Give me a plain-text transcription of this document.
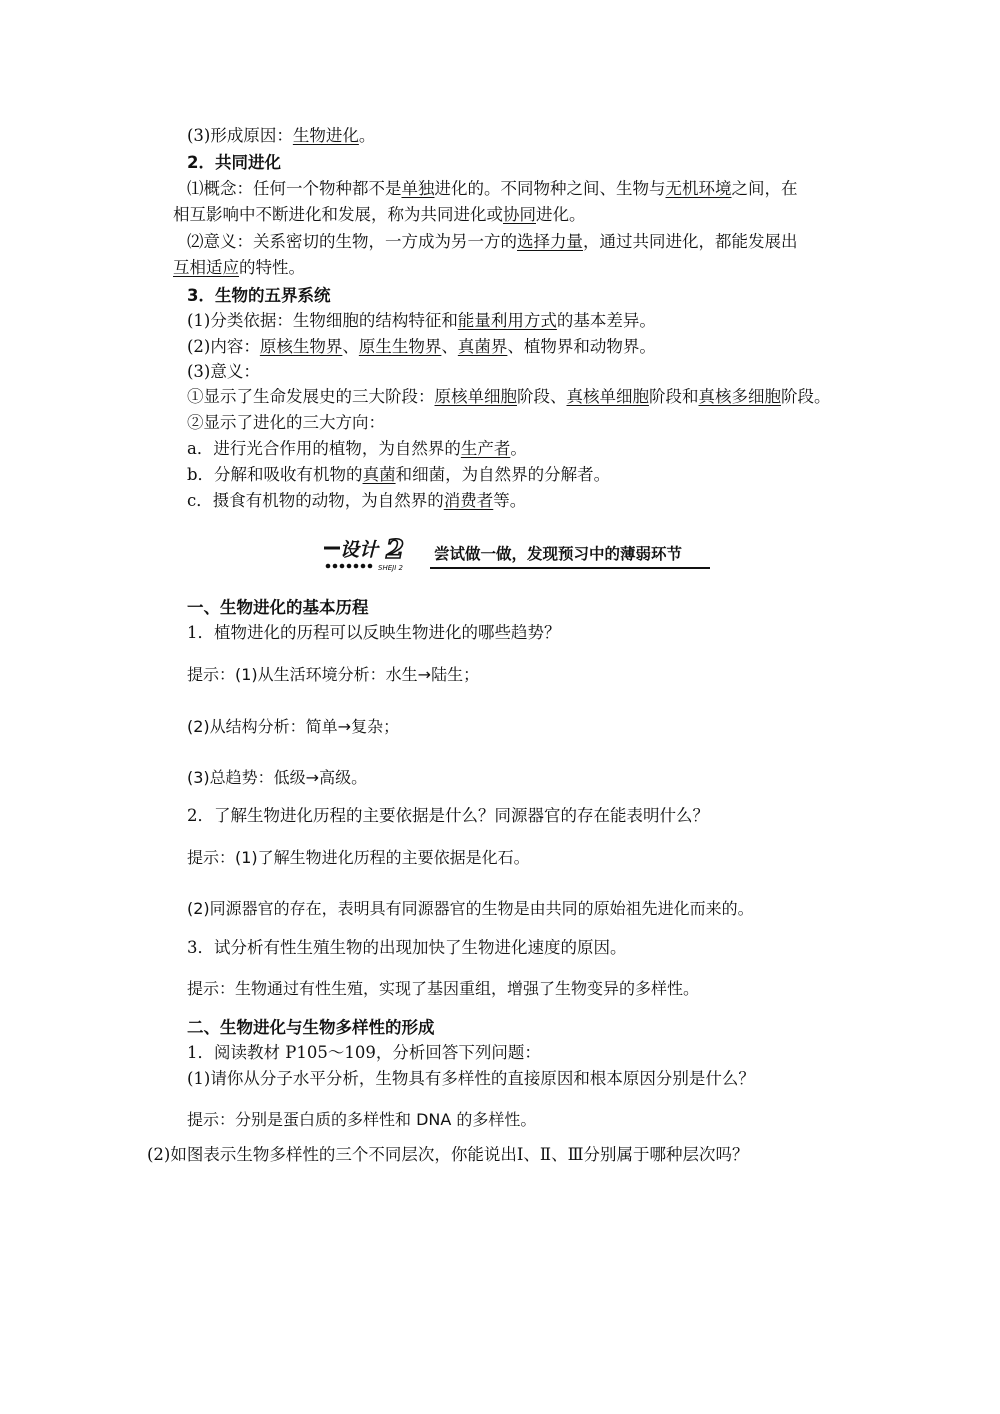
(3)形成原因：生物进化。
2．共同进化
⑴概念：任何一个物种都不是单独进化的。不同物种之间、生物与无机环境之间，在
相互影响中不断进化和发展，称为共同进化或协同进化。
⑵意义：关系密切的生物，一方成为另一方的选择力量，通过共同进化，都能发展出
互相适应的特性。
3．生物的五界系统
(1)分类依据：生物细胞的结构特征和能量利用方式的基本差异。
(2)内容：原核生物界、原生生物界、真菌界、植物界和动物界。
(3)意义：
①显示了生命发展史的三大阶段：原核单细胞阶段、真核单细胞阶段和真核多细胞阶段。
②显示了进化的三大方向：
a．进行光合作用的植物，为自然界的生产者。
b．分解和吸收有机物的真菌和细菌，为自然界的分解者。
c．摄食有机物的动物，为自然界的消费者等。
设计 2
SHEJI 2
尝试做一做，发现预习中的薄弱环节
一、生物进化的基本历程
1．植物进化的历程可以反映生物进化的哪些趋势？
提示：(1)从生活环境分析：水生→陆生；
(2)从结构分析：简单→复杂；
(3)总趋势：低级→高级。
2．了解生物进化历程的主要依据是什么？同源器官的存在能表明什么？
提示：(1)了解生物进化历程的主要依据是化石。
(2)同源器官的存在，表明具有同源器官的生物是由共同的原始祖先进化而来的。
3．试分析有性生殖生物的出现加快了生物进化速度的原因。
提示：生物通过有性生殖，实现了基因重组，增强了生物变异的多样性。
二、生物进化与生物多样性的形成
1．阅读教材 P105～109，分析回答下列问题：
(1)请你从分子水平分析，生物具有多样性的直接原因和根本原因分别是什么？
提示：分别是蛋白质的多样性和 DNA 的多样性。
(2)如图表示生物多样性的三个不同层次，你能说出Ⅰ、Ⅱ、Ⅲ分别属于哪种层次吗？
